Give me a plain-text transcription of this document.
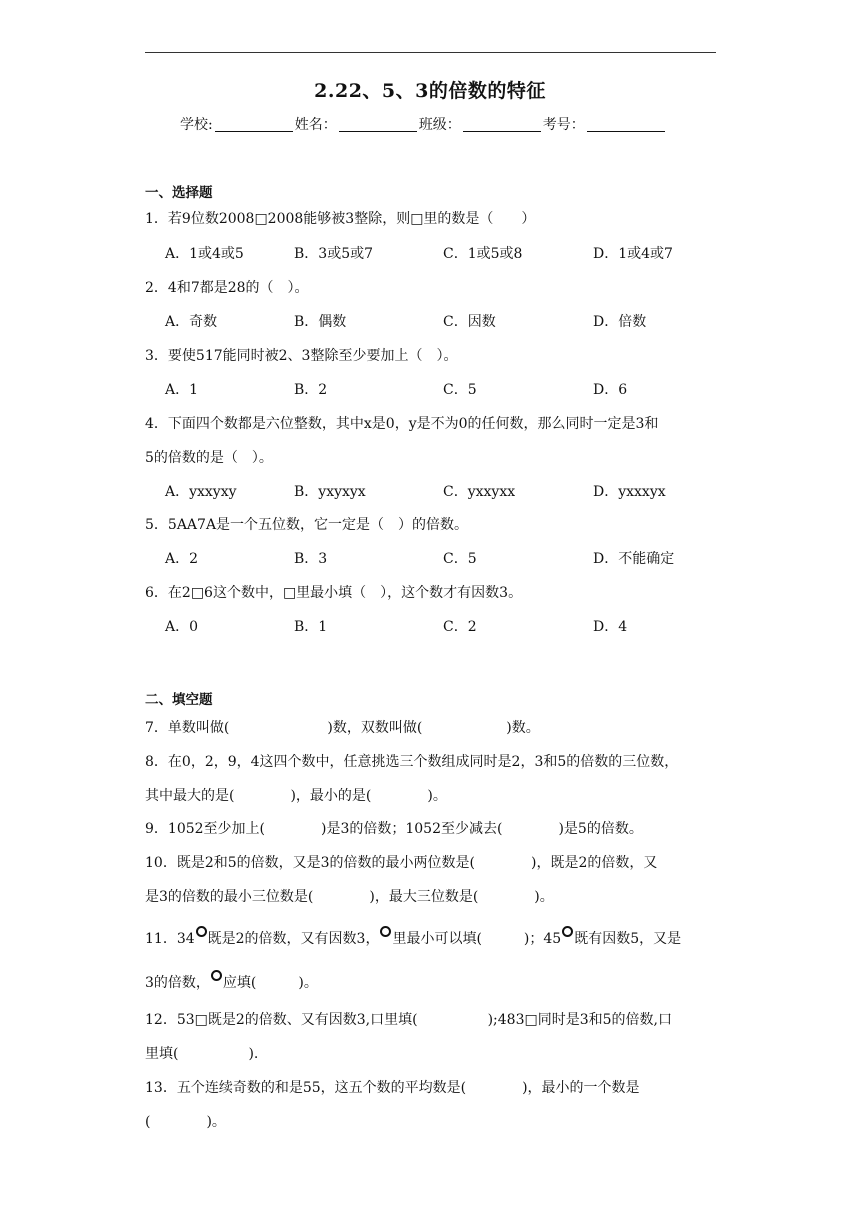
2.22、5、3的倍数的特征
学校:	姓名：	班级：	考号：
一、选择题
1．若9位数2008□2008能够被3整除，则□里的数是（　　）
A．1或4或5	B．3或5或7	C．1或5或8	D．1或4或7
2．4和7都是28的（　）。
A．奇数	B．偶数	C．因数	D．倍数
3．要使517能同时被2、3整除至少要加上（　）。
A．1	B．2	C．5	D．6
4．下面四个数都是六位整数，其中x是0，y是不为0的任何数，那么同时一定是3和
5的倍数的是（　）。
A．yxxyxy	B．yxyxyx	C．yxxyxx	D．yxxxyx
5．5AA7A是一个五位数，它一定是（　）的倍数。
A．2	B．3	C．5	D．不能确定
6．在2□6这个数中，□里最小填（　），这个数才有因数3。
A．0	B．1	C．2	D．4
二、填空题
7．单数叫做(　　　　　　　)数，双数叫做(　　　　　　)数。
8．在0，2，9，4这四个数中，任意挑选三个数组成同时是2，3和5的倍数的三位数，
其中最大的是(　　　　)，最小的是(　　　　)。
9．1052至少加上(　　　　)是3的倍数；1052至少减去(　　　　)是5的倍数。
10．既是2和5的倍数，又是3的倍数的最小两位数是(　　　　)，既是2的倍数，又
是3的倍数的最小三位数是(　　　　)，最大三位数是(　　　　)。
11．34 既是2的倍数，又有因数3， 里最小可以填(　　　)；45 既有因数5，又是
3的倍数， 应填(　　　)。
12．53□既是2的倍数、又有因数3,口里填(　　　　　);483□同时是3和5的倍数,口
里填(　　　　　).
13．五个连续奇数的和是55，这五个数的平均数是(　　　　)，最小的一个数是
(　　　　)。
